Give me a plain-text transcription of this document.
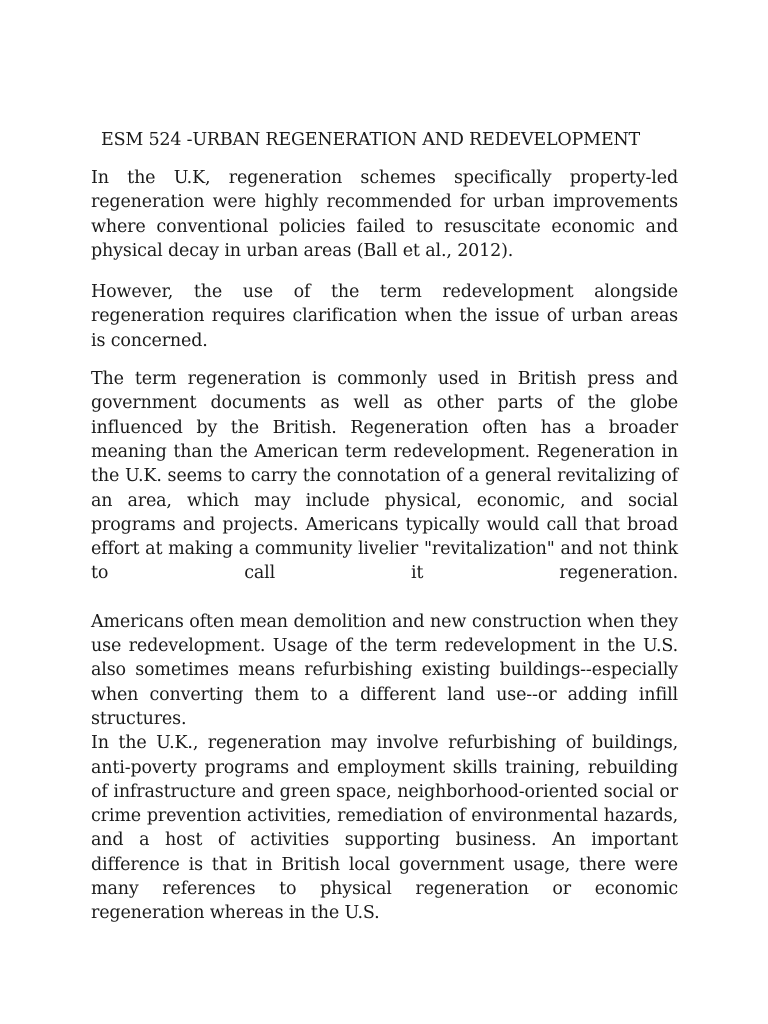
ESM 524 -URBAN REGENERATION AND REDEVELOPMENT

In the U.K, regeneration schemes specifically property-led regeneration were highly recommended for urban improvements where conventional policies failed to resuscitate economic and physical decay in urban areas (Ball et al., 2012).

However, the use of the term redevelopment alongside regeneration requires clarification when the issue of urban areas is concerned.

The term regeneration is commonly used in British press and government documents as well as other parts of the globe influenced by the British. Regeneration often has a broader meaning than the American term redevelopment. Regeneration in the U.K. seems to carry the connotation of a general revitalizing of an area, which may include physical, economic, and social programs and projects. Americans typically would call that broad effort at making a community livelier "revitalization" and not think to call it regeneration.

Americans often mean demolition and new construction when they use redevelopment. Usage of the term redevelopment in the U.S. also sometimes means refurbishing existing buildings--especially when converting them to a different land use--or adding infill structures.

In the U.K., regeneration may involve refurbishing of buildings, anti-poverty programs and employment skills training, rebuilding of infrastructure and green space, neighborhood-oriented social or crime prevention activities, remediation of environmental hazards, and a host of activities supporting business. An important difference is that in British local government usage, there were many references to physical regeneration or economic regeneration whereas in the U.S.
